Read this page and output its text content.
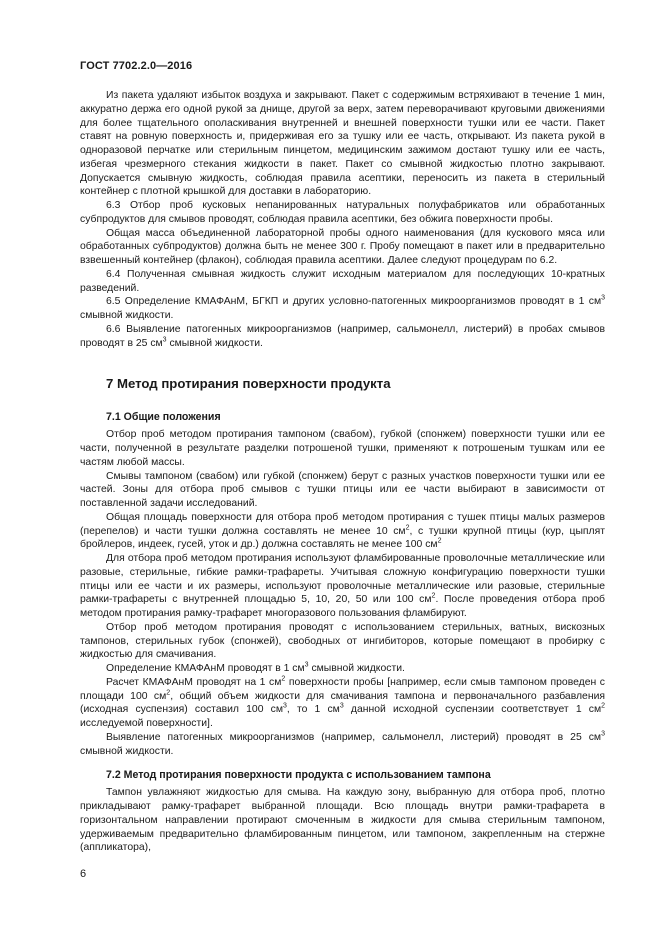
ГОСТ 7702.2.0—2016

Из пакета удаляют избыток воздуха и закрывают. Пакет с содержимым встряхивают в течение 1 мин, аккуратно держа его одной рукой за днище, другой за верх, затем переворачивают круговыми движениями для более тщательного ополаскивания внутренней и внешней поверхности тушки или ее части. Пакет ставят на ровную поверхность и, придерживая его за тушку или ее часть, открывают. Из пакета рукой в одноразовой перчатке или стерильным пинцетом, медицинским зажимом достают тушку или ее часть, избегая чрезмерного стекания жидкости в пакет. Пакет со смывной жидкостью плотно закрывают. Допускается смывную жидкость, соблюдая правила асептики, переносить из пакета в стерильный контейнер с плотной крышкой для доставки в лабораторию.

6.3 Отбор проб кусковых непанированных натуральных полуфабрикатов или обработанных субпродуктов для смывов проводят, соблюдая правила асептики, без обжига поверхности пробы.

Общая масса объединенной лабораторной пробы одного наименования (для кускового мяса или обработанных субпродуктов) должна быть не менее 300 г. Пробу помещают в пакет или в предварительно взвешенный контейнер (флакон), соблюдая правила асептики. Далее следуют процедурам по 6.2.

6.4 Полученная смывная жидкость служит исходным материалом для последующих 10-кратных разведений.

6.5 Определение КМАФАнМ, БГКП и других условно-патогенных микроорганизмов проводят в 1 $см^3$ смывной жидкости.

6.6 Выявление патогенных микроорганизмов (например, сальмонелл, листерий) в пробах смывов проводят в 25 $см^3$ смывной жидкости.

7 Метод протирания поверхности продукта
7.1 Общие положения

Отбор проб методом протирания тампоном (свабом), губкой (спонжем) поверхности тушки или ее части, полученной в результате разделки потрошеной тушки, применяют к потрошеным тушкам или ее частям любой массы.

Смывы тампоном (свабом) или губкой (спонжем) берут с разных участков поверхности тушки или ее частей. Зоны для отбора проб смывов с тушки птицы или ее части выбирают в зависимости от поставленной задачи исследований.

Общая площадь поверхности для отбора проб методом протирания с тушек птицы малых размеров (перепелов) и части тушки должна составлять не менее 10 $см^2$, с тушки крупной птицы (кур, цыплят бройлеров, индеек, гусей, уток и др.) должна составлять не менее 100 $см^2$

Для отбора проб методом протирания используют фламбированные проволочные металлические или разовые, стерильные, гибкие рамки-трафареты. Учитывая сложную конфигурацию поверхности тушки птицы или ее части и их размеры, используют проволочные металлические или разовые, стерильные рамки-трафареты с внутренней площадью 5, 10, 20, 50 или 100 $см^2$. После проведения отбора проб методом протирания рамку-трафарет многоразового пользования фламбируют.

Отбор проб методом протирания проводят с использованием стерильных, ватных, вискозных тампонов, стерильных губок (спонжей), свободных от ингибиторов, которые помещают в пробирку с жидкостью для смачивания.

Определение КМАФАнМ проводят в 1 $см^3$ смывной жидкости.

Расчет КМАФАнМ проводят на 1 $см^2$ поверхности пробы [например, если смыв тампоном проведен с площади 100 $см^2$, общий объем жидкости для смачивания тампона и первоначального разбавления (исходная суспензия) составил 100 $см^3$, то 1 $см^3$ данной исходной суспензии соответствует 1 $см^2$ исследуемой поверхности].

Выявление патогенных микроорганизмов (например, сальмонелл, листерий) проводят в 25 $см^3$ смывной жидкости.

7.2 Метод протирания поверхности продукта с использованием тампона

Тампон увлажняют жидкостью для смыва. На каждую зону, выбранную для отбора проб, плотно прикладывают рамку-трафарет выбранной площади. Всю площадь внутри рамки-трафарета в горизонтальном направлении протирают смоченным в жидкости для смыва стерильным тампоном, удерживаемым предварительно фламбированным пинцетом, или тампоном, закрепленным на стержне (аппликатора),

6
